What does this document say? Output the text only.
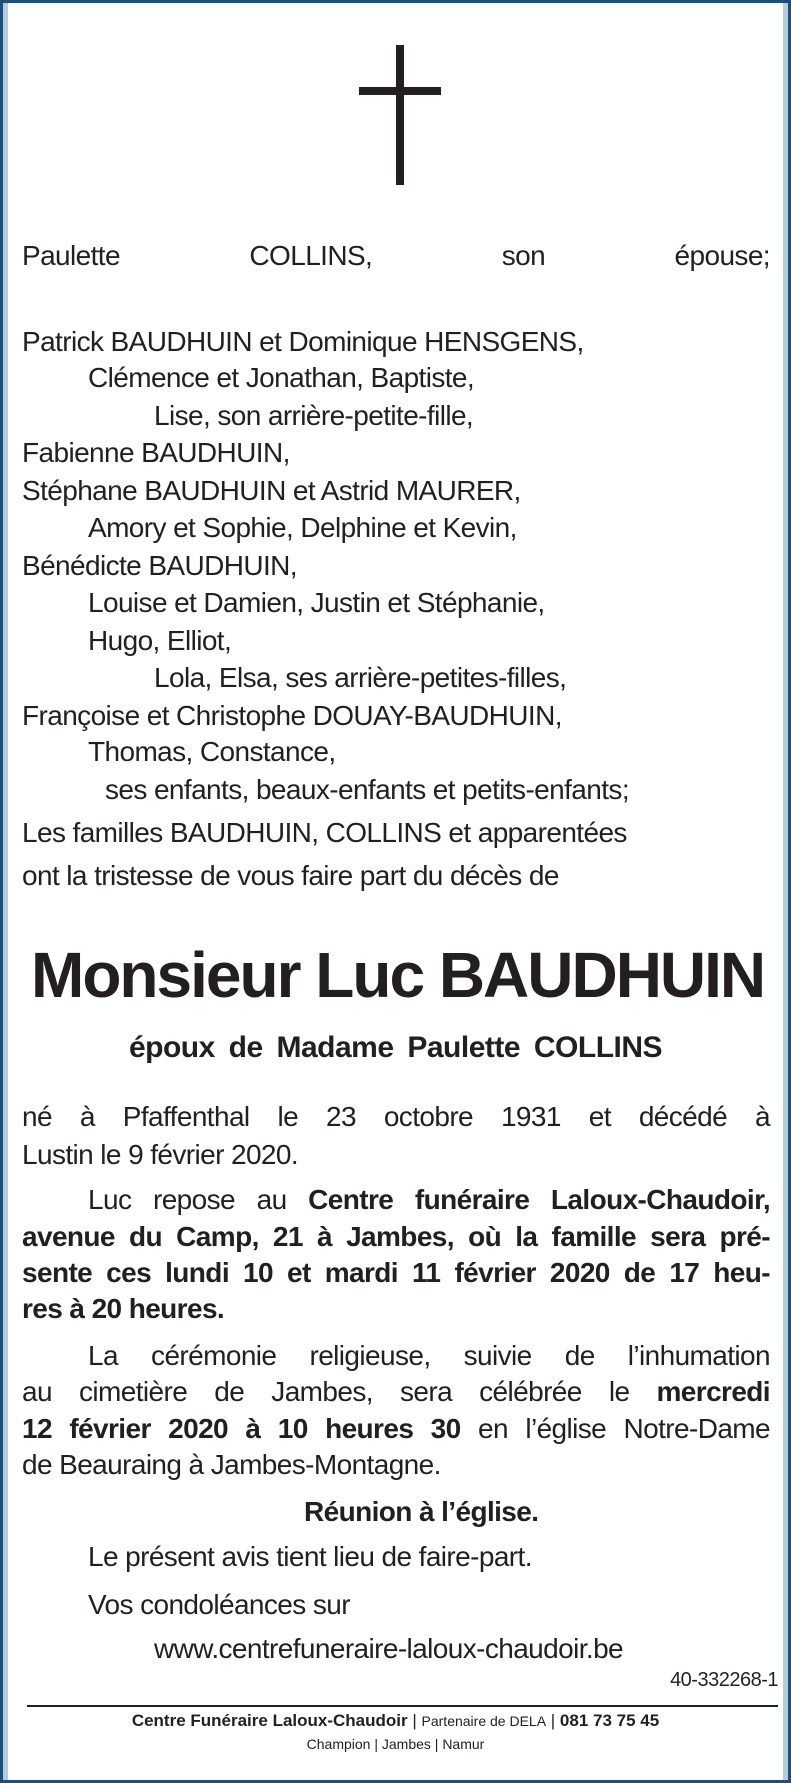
Paulette COLLINS,	son épouse;
Patrick BAUDHUIN et Dominique HENSGENS,
Clémence et Jonathan, Baptiste,
Lise, son arrière-petite-fille,
Fabienne BAUDHUIN,
Stéphane BAUDHUIN et Astrid MAURER,
Amory et Sophie, Delphine et Kevin,
Bénédicte BAUDHUIN,
Louise et Damien, Justin et Stéphanie,
Hugo, Elliot,
Lola, Elsa, ses arrière-petites-filles,
Françoise et Christophe DOUAY-BAUDHUIN,
Thomas, Constance,
ses enfants, beaux-enfants et petits-enfants;
Les familles BAUDHUIN, COLLINS et apparentées
ont la tristesse de vous faire part du décès de
Monsieur Luc BAUDHUIN
époux de Madame Paulette COLLINS
né à Pfaffenthal le 23 octobre 1931 et décédé à
Lustin le 9 février 2020.
Luc repose au Centre funéraire Laloux-Chaudoir,
avenue du Camp, 21 à Jambes, où la famille sera pré-
sente ces lundi 10 et mardi 11 février 2020 de 17 heu-
res à 20 heures.
La cérémonie religieuse, suivie de l’inhumation
au cimetière de Jambes, sera célébrée le mercredi
12 février 2020 à 10 heures 30 en l’église Notre-Dame
de Beauraing à Jambes-Montagne.
Réunion à l’église.
Le présent avis tient lieu de faire-part.
Vos condoléances sur
www.centrefuneraire-laloux-chaudoir.be
40-332268-1
Centre Funéraire Laloux-Chaudoir | Partenaire de DELA | 081 73 75 45
Champion | Jambes | Namur
